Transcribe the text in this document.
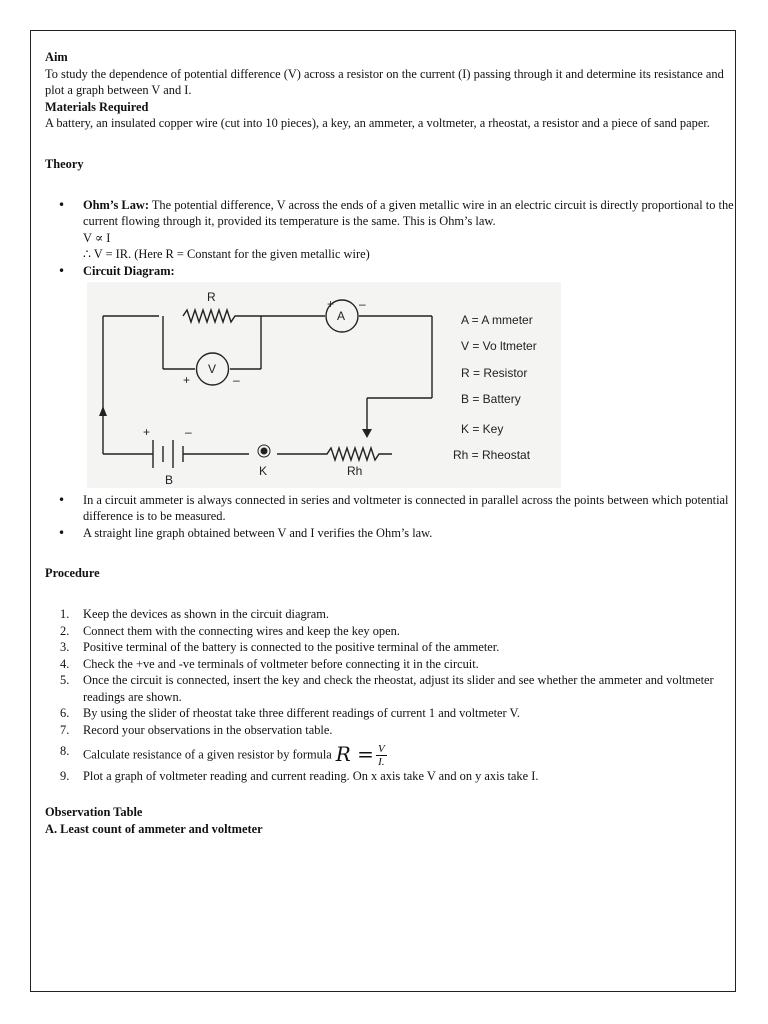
Aim

To study the dependence of potential difference (V) across a resistor on the current (I) passing through it and determine its resistance and plot a graph between V and I.

Materials Required

A battery, an insulated copper wire (cut into 10 pieces), a key, an ammeter, a voltmeter, a rheostat, a resistor and a piece of sand paper.

Theory

• Ohm’s Law: The potential difference, V across the ends of a given metallic wire in an electric circuit is directly proportional to the current flowing through it, provided its temperature is the same. This is Ohm’s law.
V ∝ I
∴ V = IR. (Here R = Constant for the given metallic wire)
• Circuit Diagram:
R
A
+ –
V
+	–
+	–
B
K	Rh
A = A mmeter
V = Vo ltmeter
R = Resistor
B = Battery
K = Key
Rh = Rheostat
• In a circuit ammeter is always connected in series and voltmeter is connected in parallel across the points between which potential difference is to be measured.
• A straight line graph obtained between V and I verifies the Ohm’s law.

Procedure

1. Keep the devices as shown in the circuit diagram.
2. Connect them with the connecting wires and keep the key open.
3. Positive terminal of the battery is connected to the positive terminal of the ammeter.
4. Check the +ve and -ve terminals of voltmeter before connecting it in the circuit.
5. Once the circuit is connected, insert the key and check the rheostat, adjust its slider and see whether the ammeter and voltmeter readings are shown.
6. By using the slider of rheostat take three different readings of current 1 and voltmeter V.
7. Record your observations in the observation table.
8. Calculate resistance of a given resistor by formula $R = \frac{V}{I.}$
9. Plot a graph of voltmeter reading and current reading. On x axis take V and on y axis take I.

Observation Table

A. Least count of ammeter and voltmeter
